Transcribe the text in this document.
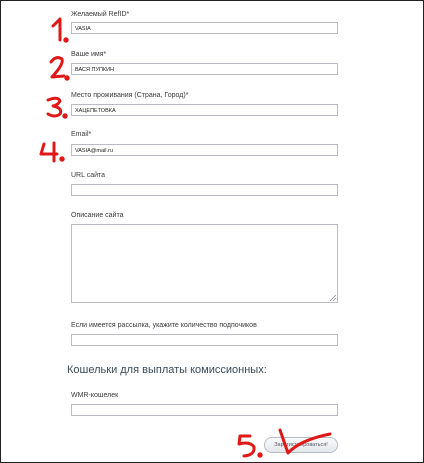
Желаемый RefID*
VASIA
Ваше имя*
ВАСЯ ПУПКИН
Место проживания (Страна, Город)*
ХАЦЕПЕТОВКА
Email*
VASIA@mail.ru
URL сайта
Описание сайта
Если имеется рассылка, укажите количество подпочиков
Кошельки для выплаты комиссионных:
WMR-кошелек
Зарегистрироваться!
